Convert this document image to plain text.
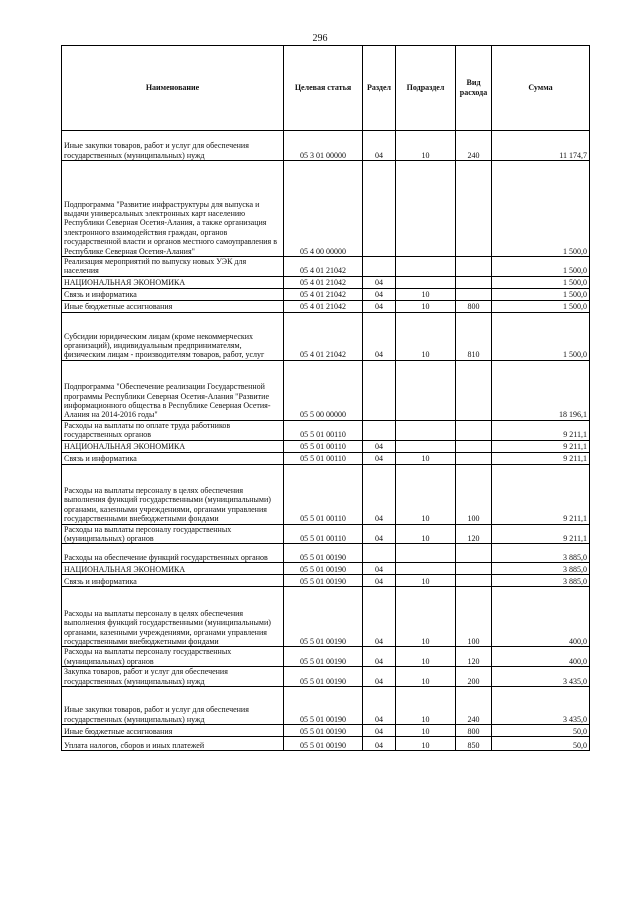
296
Наименование	Целевая статья	Раздел	Подраздел	Вид расхода	Сумма
Иные закупки товаров, работ и услуг для обеспечения государственных (муниципальных) нужд	05 3 01 00000	04	10	240	11 174,7
Подпрограмма "Развитие инфраструктуры для выпуска и выдачи универсальных электронных карт населению Республики Северная Осетия-Алания, а также организация электронного взаимодействия граждан, органов государственной власти и органов местного самоуправления в Республике Северная Осетия-Алания"	05 4 00 00000				1 500,0
Реализация мероприятий по выпуску новых УЭК для населения	05 4 01 21042				1 500,0
НАЦИОНАЛЬНАЯ ЭКОНОМИКА	05 4 01 21042	04			1 500,0
Связь и информатика	05 4 01 21042	04	10		1 500,0
Иные бюджетные ассигнования	05 4 01 21042	04	10	800	1 500,0
Субсидии юридическим лицам (кроме некоммерческих организаций), индивидуальным предпринимателям, физическим лицам - производителям товаров, работ, услуг	05 4 01 21042	04	10	810	1 500,0
Подпрограмма "Обеспечение реализации Государственной программы Республики Северная Осетия-Алания "Развитие информационного общества в Республике Северная Осетия-Алания на 2014-2016 годы"	05 5 00 00000				18 196,1
Расходы на выплаты по оплате труда работников государственных органов	05 5 01 00110				9 211,1
НАЦИОНАЛЬНАЯ ЭКОНОМИКА	05 5 01 00110	04			9 211,1
Связь и информатика	05 5 01 00110	04	10		9 211,1
Расходы на выплаты персоналу в целях обеспечения выполнения функций государственными (муниципальными) органами, казенными учреждениями, органами управления государственными внебюджетными фондами	05 5 01 00110	04	10	100	9 211,1
Расходы на выплаты персоналу государственных (муниципальных) органов	05 5 01 00110	04	10	120	9 211,1
Расходы на обеспечение функций государственных органов	05 5 01 00190				3 885,0
НАЦИОНАЛЬНАЯ ЭКОНОМИКА	05 5 01 00190	04			3 885,0
Связь и информатика	05 5 01 00190	04	10		3 885,0
Расходы на выплаты персоналу в целях обеспечения выполнения функций государственными (муниципальными) органами, казенными учреждениями, органами управления государственными внебюджетными фондами	05 5 01 00190	04	10	100	400,0
Расходы на выплаты персоналу государственных (муниципальных) органов	05 5 01 00190	04	10	120	400,0
Закупка товаров, работ и услуг для обеспечения государственных (муниципальных) нужд	05 5 01 00190	04	10	200	3 435,0
Иные закупки товаров, работ и услуг для обеспечения государственных (муниципальных) нужд	05 5 01 00190	04	10	240	3 435,0
Иные бюджетные ассигнования	05 5 01 00190	04	10	800	50,0
Уплата налогов, сборов и иных платежей	05 5 01 00190	04	10	850	50,0
